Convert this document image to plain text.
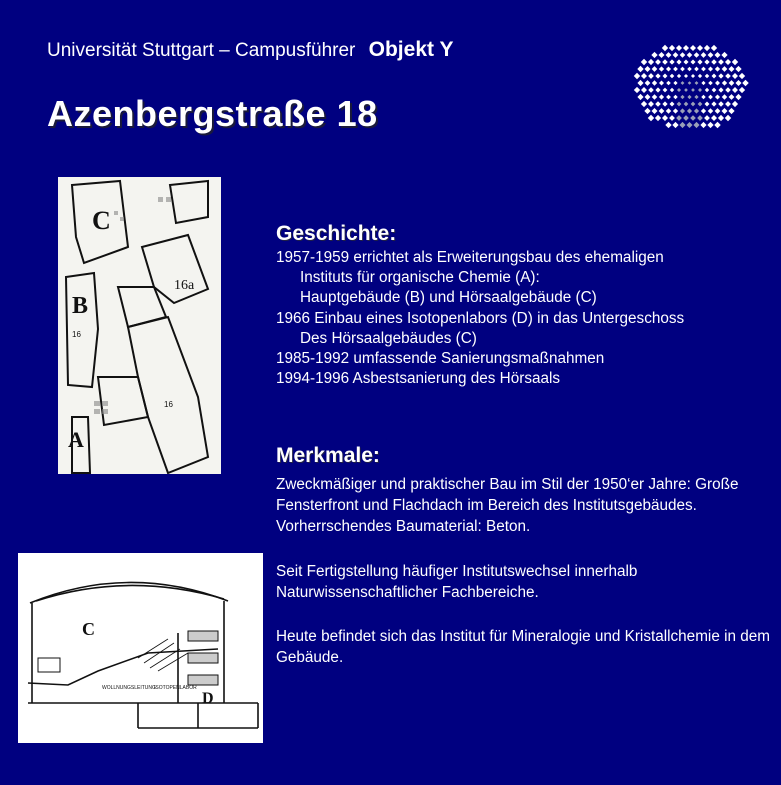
Universität Stuttgart – Campusführer Objekt Y
Azenbergstraße 18
C
B
A
16a
16
16
C
D
WOLLNUNGSLEITUNG
ISOTOPENLABOR
Geschichte:
1957-1959 errichtet als Erweiterungsbau des ehemaligen
Instituts für organische Chemie (A):
Hauptgebäude (B) und Hörsaalgebäude (C)
1966 Einbau eines Isotopenlabors (D) in das Untergeschoss
Des Hörsaalgebäudes (C)
1985-1992 umfassende Sanierungsmaßnahmen
1994-1996 Asbestsanierung des Hörsaals
Merkmale:

Zweckmäßiger und praktischer Bau im Stil der 1950‘er Jahre: Große Fensterfront und Flachdach im Bereich des Institutsgebäudes. Vorherrschendes Baumaterial: Beton.

Seit Fertigstellung häufiger Institutswechsel innerhalb Naturwissenschaftlicher Fachbereiche.

Heute befindet sich das Institut für Mineralogie und Kristallchemie in dem Gebäude.
